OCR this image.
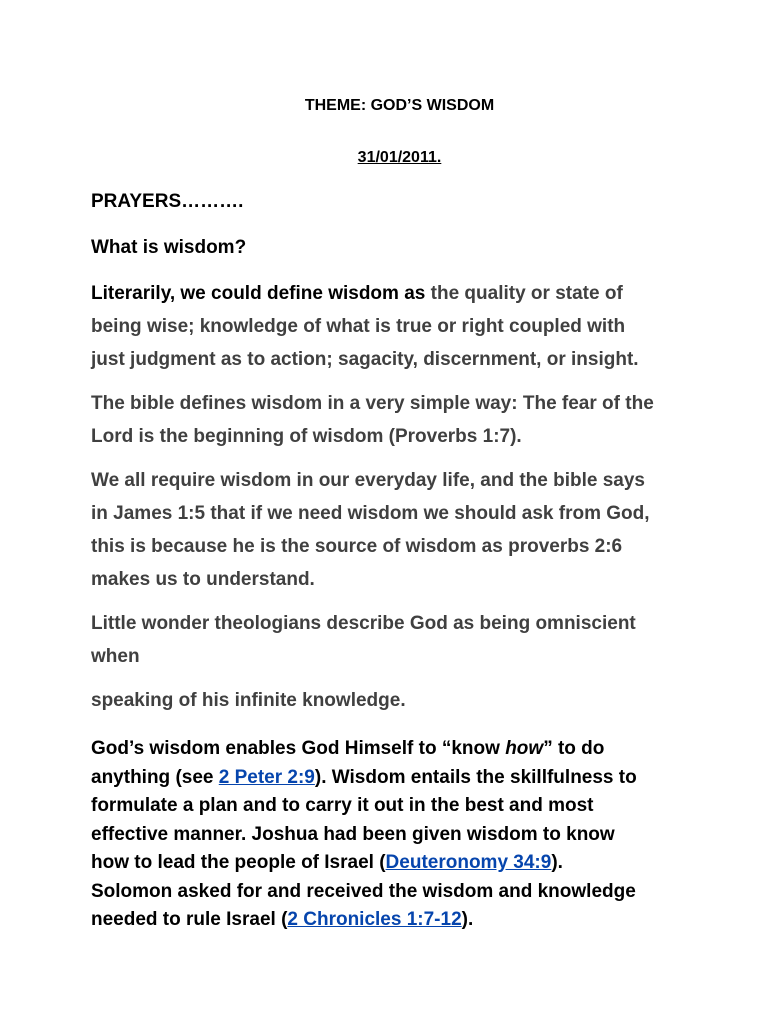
THEME: GOD’S WISDOM

31/01/2011.

PRAYERS……….

What is wisdom?

Literarily, we could define wisdom as the quality or state of

being wise; knowledge of what is true or right coupled with

just judgment as to action; sagacity, discernment, or insight.

The bible defines wisdom in a very simple way: The fear of the

Lord is the beginning of wisdom (Proverbs 1:7).

We all require wisdom in our everyday life, and the bible says

in James 1:5 that if we need wisdom we should ask from God,

this is because he is the source of wisdom as proverbs 2:6

makes us to understand.

Little wonder theologians describe God as being omniscient

when

speaking of his infinite knowledge.

God’s wisdom enables God Himself to “know how” to do
anything (see 2 Peter 2:9). Wisdom entails the skillfulness to
formulate a plan and to carry it out in the best and most
effective manner. Joshua had been given wisdom to know
how to lead the people of Israel (Deuteronomy 34:9).
Solomon asked for and received the wisdom and knowledge
needed to rule Israel (2 Chronicles 1:7-12).
